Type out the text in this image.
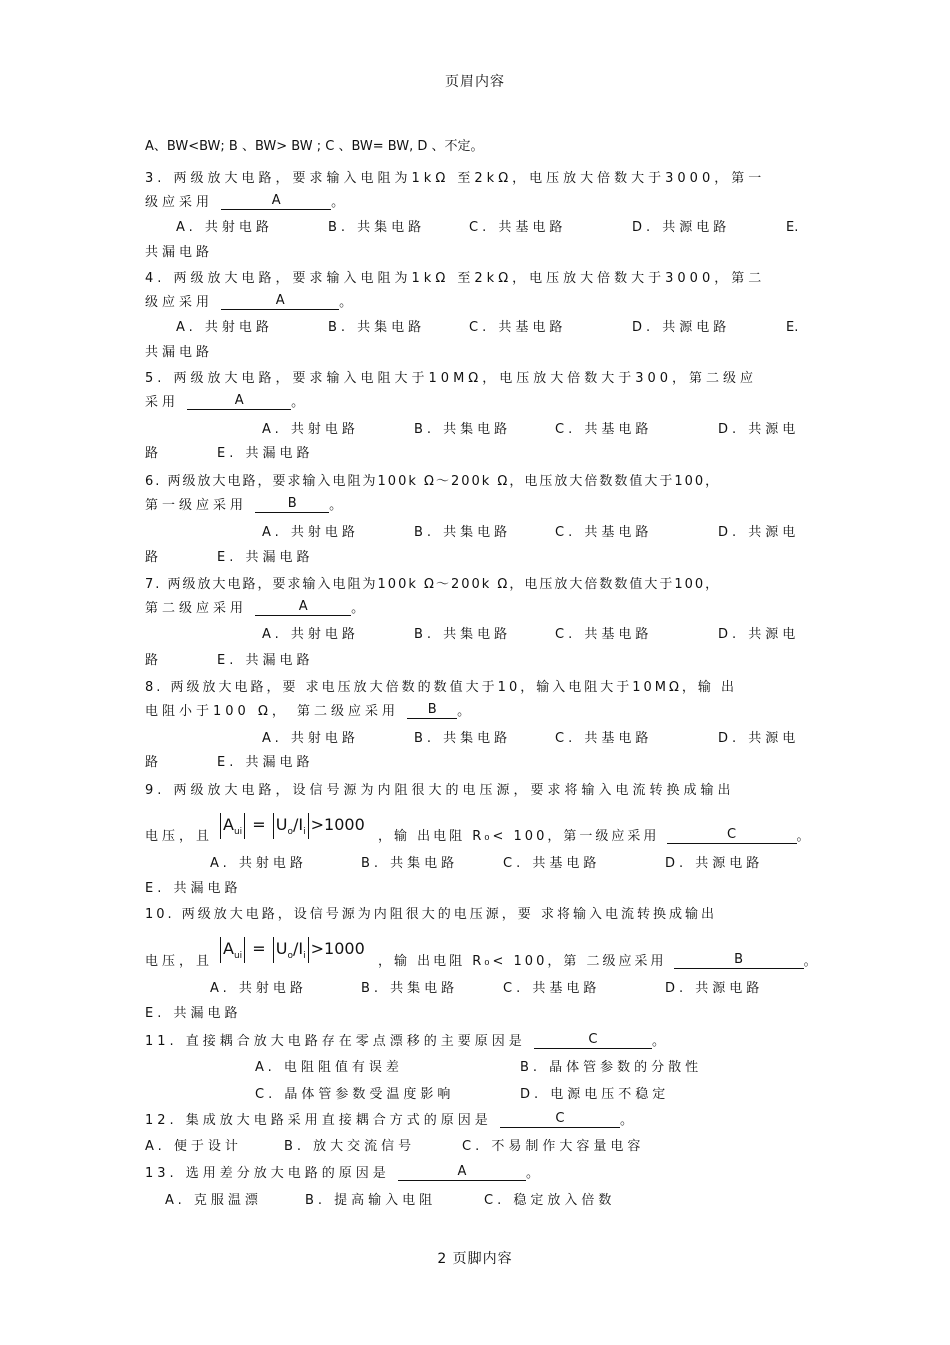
页眉内容
A、BW<BW; B 、BW> BW ; C 、BW= BW, D 、不定。
3. 两级放大电路，要求输入电阻为1kΩ 至2kΩ，电压放大倍数大于3000，第一
级应采用	A	。
A. 共射电路	B. 共集电路	C. 共基电路	D. 共源电路	E.
共漏电路
4. 两级放大电路，要求输入电阻为1kΩ 至2kΩ，电压放大倍数大于3000，第二
级应采用	A	。
A. 共射电路	B. 共集电路	C. 共基电路	D. 共源电路	E.
共漏电路
5. 两级放大电路，要求输入电阻大于10MΩ，电压放大倍数大于300，第二级应
采用	A	。
A. 共射电路	B. 共集电路	C. 共基电路	D. 共源电
路	E. 共漏电路
6. 两级放大电路，要求输入电阻为100k Ω～200k Ω，电压放大倍数数值大于100，
第一级应采用	B	。
A. 共射电路	B. 共集电路	C. 共基电路	D. 共源电
路	E. 共漏电路
7. 两级放大电路，要求输入电阻为100k Ω～200k Ω，电压放大倍数数值大于100，
第二级应采用	A	。
A. 共射电路	B. 共集电路	C. 共基电路	D. 共源电
路	E. 共漏电路
8. 两级放大电路，要 求电压放大倍数的数值大于10，输入电阻大于10MΩ，输 出
电阻小于100 Ω， 第二级应采用 B 。
A. 共射电路	B. 共集电路	C. 共基电路	D. 共源电
路	E. 共漏电路
9. 两级放大电路，设信号源为内阻很大的电压源，要求将输入电流转换成输出
电压，且
$A_{ui} = U_o/I_i >1000$
，输 出电阻 R₀< 100，第一级应采用	C	。
A. 共射电路	B. 共集电路	C. 共基电路	D. 共源电路
E. 共漏电路
10. 两级放大电路，设信号源为内阻很大的电压源，要 求将输入电流转换成输出
电压，且
$A_{ui} = U_o/I_i >1000$
，输 出电阻 R₀< 100，第 二级应采用	B	。
A. 共射电路	B. 共集电路	C. 共基电路	D. 共源电路
E. 共漏电路
11. 直接耦合放大电路存在零点漂移的主要原因是	C	。
A. 电阻阻值有误差	B. 晶体管参数的分散性
C. 晶体管参数受温度影响	D. 电源电压不稳定
12. 集成放大电路采用直接耦合方式的原因是	C	。
A. 便于设计	B. 放大交流信号	C. 不易制作大容量电容
13. 选用差分放大电路的原因是	A	。
A. 克服温漂	B. 提高输入电阻	C. 稳定放入倍数
2 页脚内容
